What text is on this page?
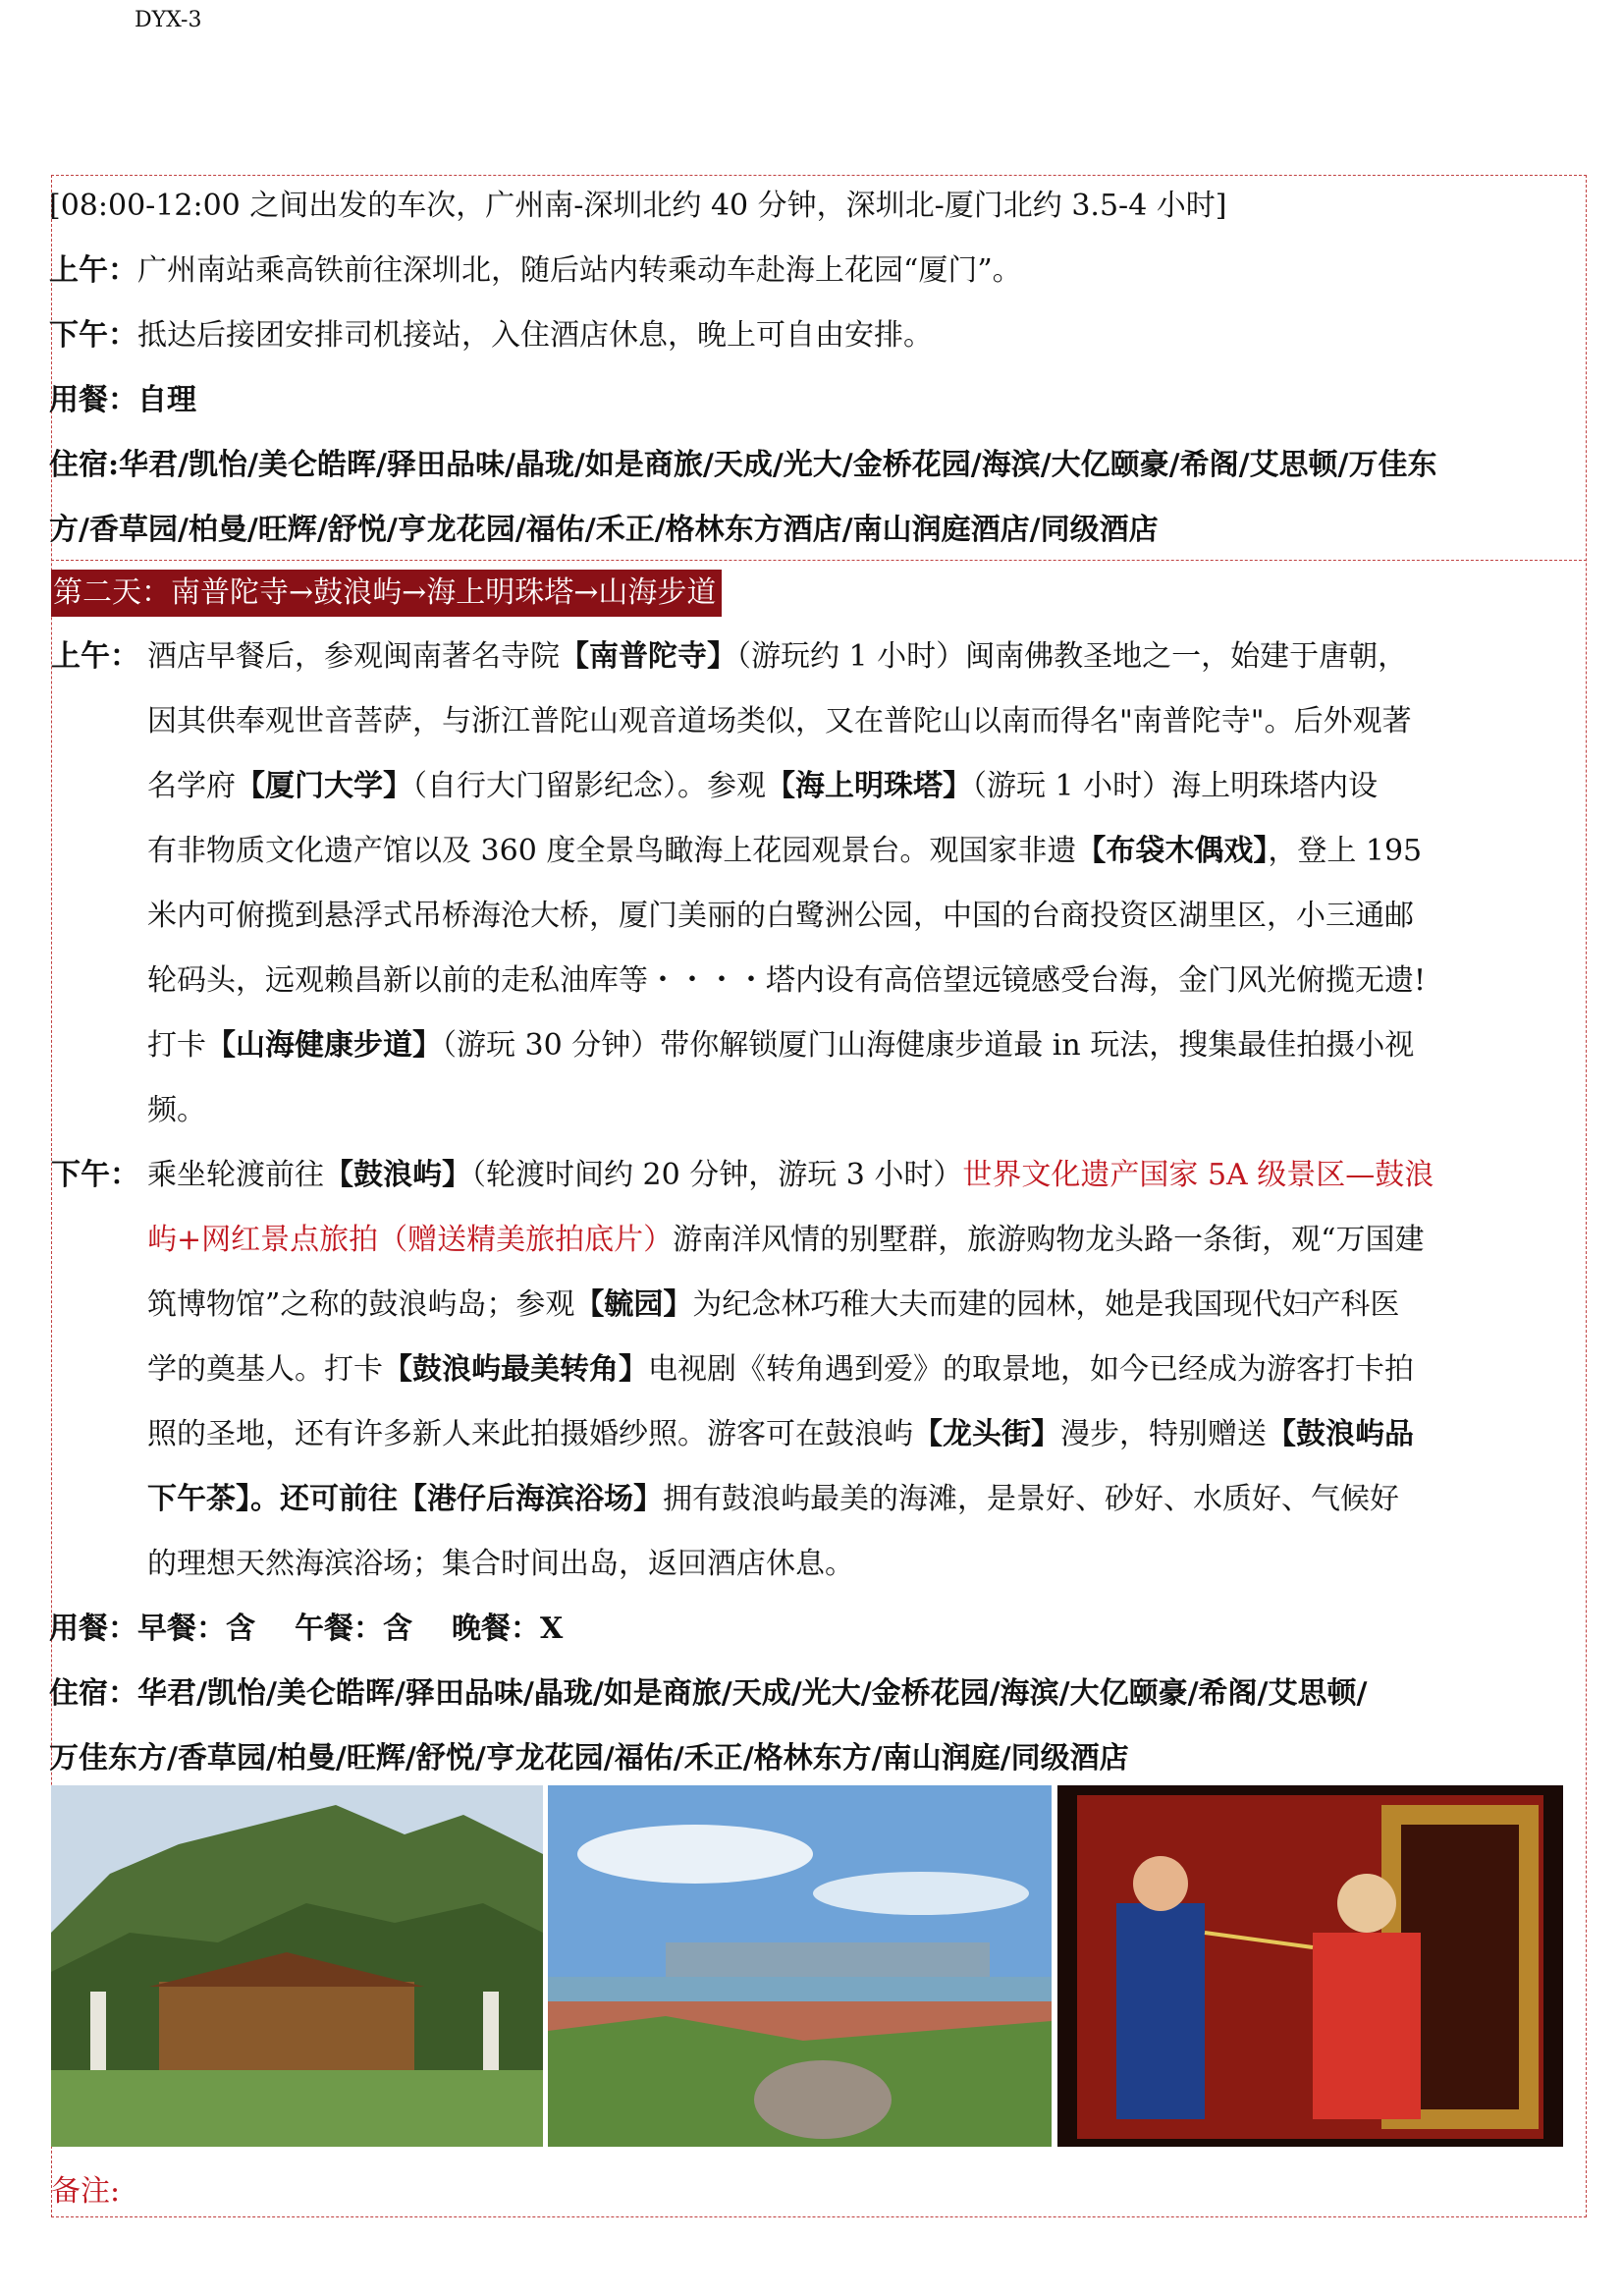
DYX-3
[08:00-12:00 之间出发的车次，广州南-深圳北约 40 分钟，深圳北-厦门北约 3.5-4 小时]
上午：广州南站乘高铁前往深圳北，随后站内转乘动车赴海上花园“厦门”。
下午：抵达后接团安排司机接站，入住酒店休息，晚上可自由安排。
用餐：自理
住宿:华君/凯怡/美仑皓晖/驿田品味/晶珑/如是商旅/天成/光大/金桥花园/海滨/大亿颐豪/希阁/艾思顿/万佳东
方/香草园/柏曼/旺辉/舒悦/亨龙花园/福佑/禾正/格林东方酒店/南山润庭酒店/同级酒店
第二天：南普陀寺→鼓浪屿→海上明珠塔→山海步道
上午： 酒店早餐后，参观闽南著名寺院【南普陀寺】（游玩约 1 小时）闽南佛教圣地之一，始建于唐朝，
因其供奉观世音菩萨，与浙江普陀山观音道场类似，又在普陀山以南而得名"南普陀寺"。后外观著
名学府【厦门大学】（自行大门留影纪念）。参观【海上明珠塔】（游玩 1 小时）海上明珠塔内设
有非物质文化遗产馆以及 360 度全景鸟瞰海上花园观景台。观国家非遗【布袋木偶戏】，登上 195
米内可俯揽到悬浮式吊桥海沧大桥，厦门美丽的白鹭洲公园，中国的台商投资区湖里区，小三通邮
轮码头，远观赖昌新以前的走私油库等・・・・塔内设有高倍望远镜感受台海，金门风光俯揽无遗!
打卡【山海健康步道】（游玩 30 分钟）带你解锁厦门山海健康步道最 in 玩法，搜集最佳拍摄小视
频。
下午： 乘坐轮渡前往【鼓浪屿】（轮渡时间约 20 分钟，游玩 3 小时）世界文化遗产国家 5A 级景区—鼓浪
屿+网红景点旅拍（赠送精美旅拍底片）游南洋风情的别墅群，旅游购物龙头路一条街，观“万国建
筑博物馆”之称的鼓浪屿岛；参观【毓园】为纪念林巧稚大夫而建的园林，她是我国现代妇产科医
学的奠基人。打卡【鼓浪屿最美转角】电视剧《转角遇到爱》的取景地，如今已经成为游客打卡拍
照的圣地，还有许多新人来此拍摄婚纱照。游客可在鼓浪屿【龙头街】漫步，特别赠送【鼓浪屿品
下午茶】。还可前往【港仔后海滨浴场】拥有鼓浪屿最美的海滩，是景好、砂好、水质好、气候好
的理想天然海滨浴场；集合时间出岛，返回酒店休息。
用餐：早餐：含 午餐：含 晚餐：X
住宿：华君/凯怡/美仑皓晖/驿田品味/晶珑/如是商旅/天成/光大/金桥花园/海滨/大亿颐豪/希阁/艾思顿/
万佳东方/香草园/柏曼/旺辉/舒悦/亨龙花园/福佑/禾正/格林东方/南山润庭/同级酒店
备注:
